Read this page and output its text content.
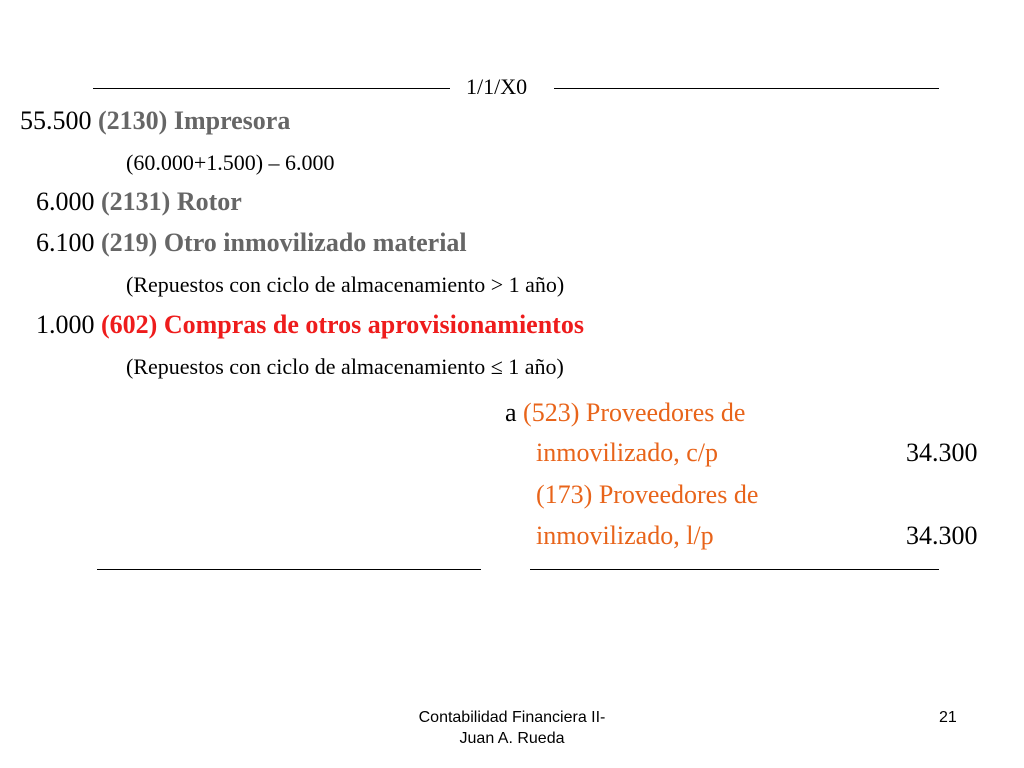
1/1/X0
55.500 (2130) Impresora
(60.000+1.500) – 6.000
6.000 (2131) Rotor
6.100 (219) Otro inmovilizado material
(Repuestos con ciclo de almacenamiento > 1 año)
1.000 (602) Compras de otros aprovisionamientos
(Repuestos con ciclo de almacenamiento ≤ 1 año)
a (523) Proveedores de
inmovilizado, c/p	34.300
(173) Proveedores de
inmovilizado, l/p	34.300
Contabilidad Financiera II-
Juan A. Rueda
21
